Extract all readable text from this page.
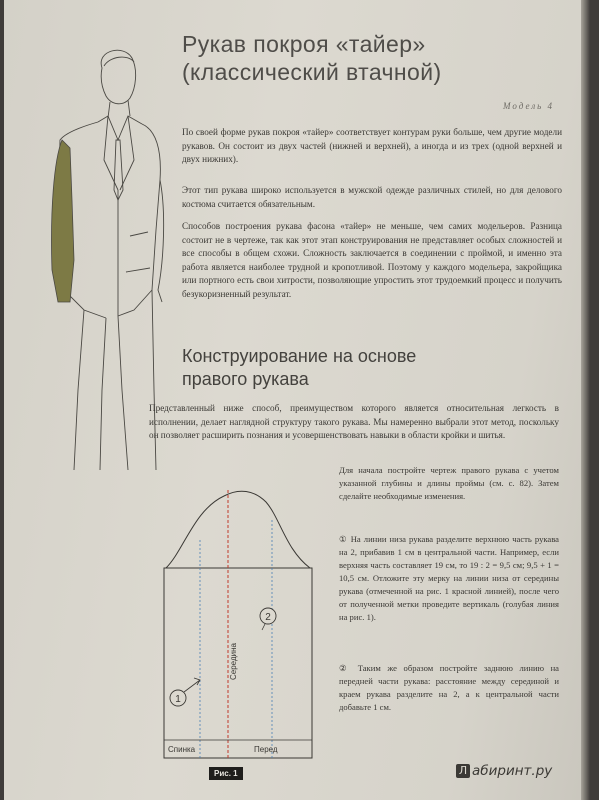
Рукав покроя «тайер»
(классический втачной)
Модель 4

По своей форме рукав покроя «тайер» соответствует контурам руки больше, чем другие модели рукавов. Он состоит из двух частей (нижней и верхней), а иногда и из трех (одной верхней и двух нижних).

Этот тип рукава широко используется в мужской одежде различных стилей, но для делового костюма считается обязательным.

Способов построения рукава фасона «тайер» не меньше, чем самих модельеров. Разница состоит не в чертеже, так как этот этап конструирования не представляет особых сложностей и все способы в общем схожи. Сложность заключается в соединении с проймой, и именно эта работа является наиболее трудной и кропотливой. Поэтому у каждого модельера, закройщика или портного есть свои хитрости, позволяющие упростить этот трудоемкий процесс и получить безукоризненный результат.

Конструирование на основе
правого рукава

Представленный ниже способ, преимуществом которого является относительная легкость в исполнении, делает наглядной структуру такого рукава. Мы намеренно выбрали этот метод, поскольку он позволяет расширить познания и усовершенствовать навыки в области кройки и шитья.

Для начала постройте чертеж правого рукава с учетом указанной глубины и длины проймы (см. с. 82). Затем сделайте необходимые изменения.

① На линии низа рукава разделите верхнюю часть рукава на 2, прибавив 1 см в центральной части. Например, если верхняя часть составляет 19 см, то 19 : 2 = 9,5 см; 9,5 + 1 = 10,5 см. Отложите эту мерку на линии низа от середины рукава (отмеченной на рис. 1 красной линией), после чего от полученной метки проведите вертикаль (голубая линия на рис. 1).

② Таким же образом постройте заднюю линию на передней части рукава: расстояние между серединой и краем рукава разделите на 2, а к центральной части добавьте 1 см.

1
2
Середина
Спинка	Перед
Рис. 1	Л абиринт.ру
